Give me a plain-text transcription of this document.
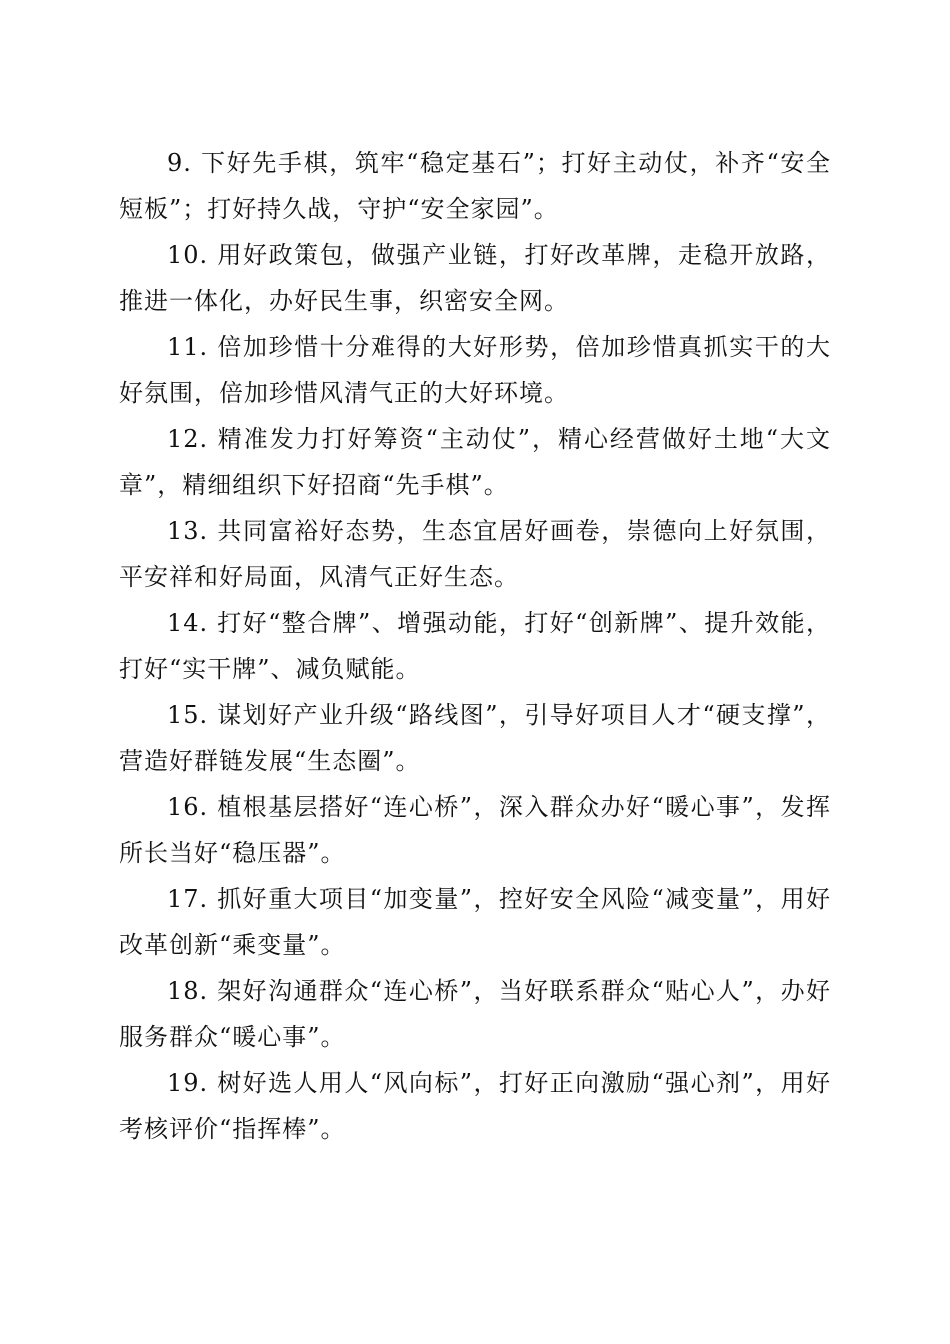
9. 下好先手棋，筑牢“稳定基石”；打好主动仗，补齐“安全短板”；打好持久战，守护“安全家园”。

10. 用好政策包，做强产业链，打好改革牌，走稳开放路，推进一体化，办好民生事，织密安全网。

11. 倍加珍惜十分难得的大好形势，倍加珍惜真抓实干的大好氛围，倍加珍惜风清气正的大好环境。

12. 精准发力打好筹资“主动仗”，精心经营做好土地“大文章”，精细组织下好招商“先手棋”。

13. 共同富裕好态势，生态宜居好画卷，崇德向上好氛围，平安祥和好局面，风清气正好生态。

14. 打好“整合牌”、增强动能，打好“创新牌”、提升效能，打好“实干牌”、减负赋能。

15. 谋划好产业升级“路线图”，引导好项目人才“硬支撑”，营造好群链发展“生态圈”。

16. 植根基层搭好“连心桥”，深入群众办好“暖心事”，发挥所长当好“稳压器”。

17. 抓好重大项目“加变量”，控好安全风险“减变量”，用好改革创新“乘变量”。

18. 架好沟通群众“连心桥”，当好联系群众“贴心人”，办好服务群众“暖心事”。

19. 树好选人用人“风向标”，打好正向激励“强心剂”，用好考核评价“指挥棒”。
